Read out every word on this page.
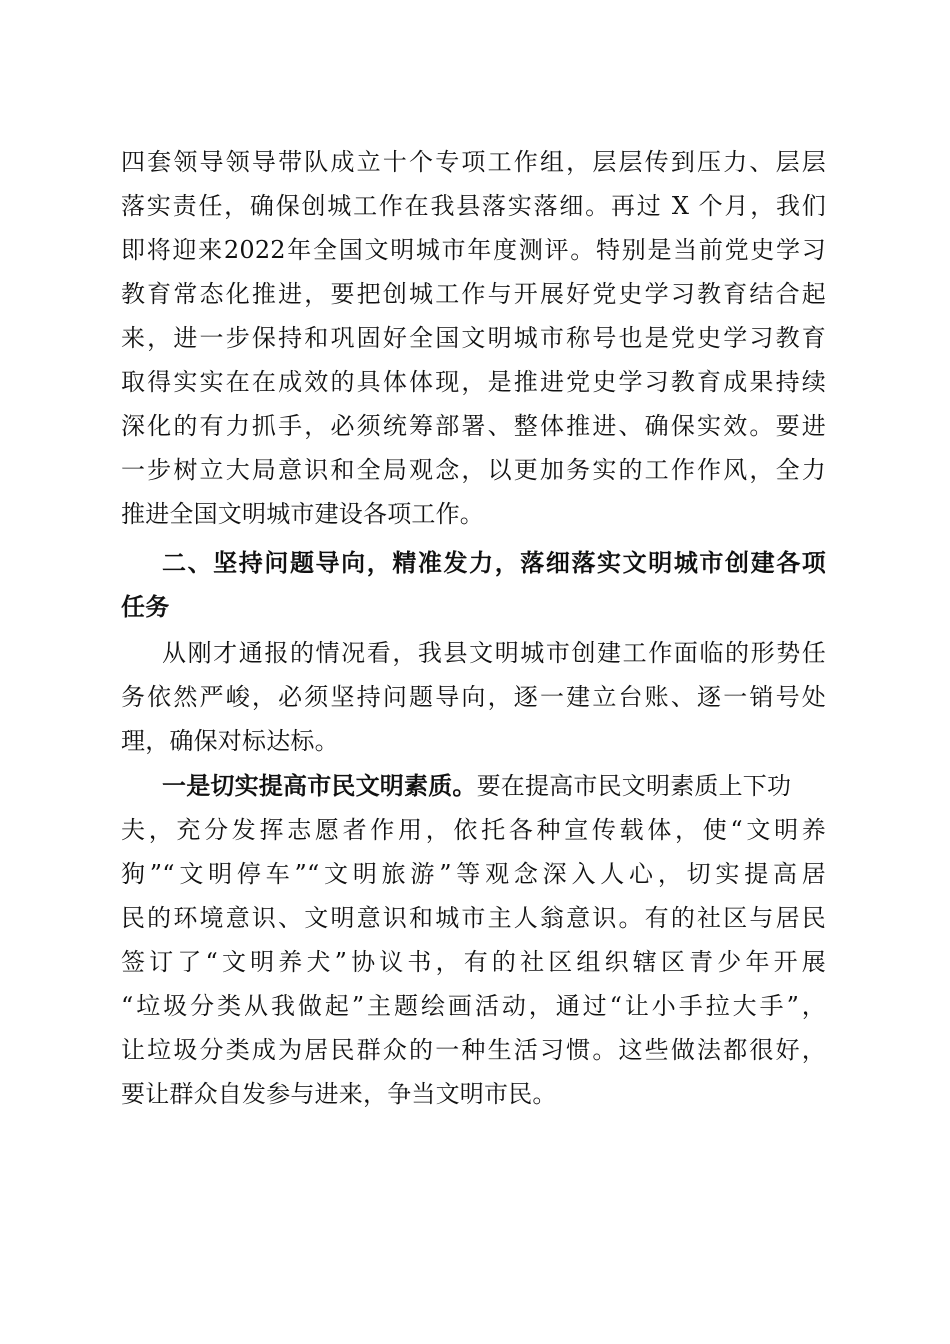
四套领导领导带队成立十个专项工作组，层层传到压力、层层
落实责任，确保创城工作在我县落实落细。再过 X 个月，我们
即将迎来2022年全国文明城市年度测评。特别是当前党史学习
教育常态化推进，要把创城工作与开展好党史学习教育结合起
来，进一步保持和巩固好全国文明城市称号也是党史学习教育
取得实实在在成效的具体体现，是推进党史学习教育成果持续
深化的有力抓手，必须统筹部署、整体推进、确保实效。要进
一步树立大局意识和全局观念，以更加务实的工作作风，全力
推进全国文明城市建设各项工作。
二、坚持问题导向，精准发力，落细落实文明城市创建各项
任务
从刚才通报的情况看，我县文明城市创建工作面临的形势任
务依然严峻，必须坚持问题导向，逐一建立台账、逐一销号处
理，确保对标达标。
一是切实提高市民文明素质。要在提高市民文明素质上下功
夫，充分发挥志愿者作用，依托各种宣传载体，使“文明养
狗”“文明停车”“文明旅游”等观念深入人心，切实提高居
民的环境意识、文明意识和城市主人翁意识。有的社区与居民
签订了“文明养犬”协议书，有的社区组织辖区青少年开展
“垃圾分类从我做起”主题绘画活动，通过“让小手拉大手”，
让垃圾分类成为居民群众的一种生活习惯。这些做法都很好，
要让群众自发参与进来，争当文明市民。
